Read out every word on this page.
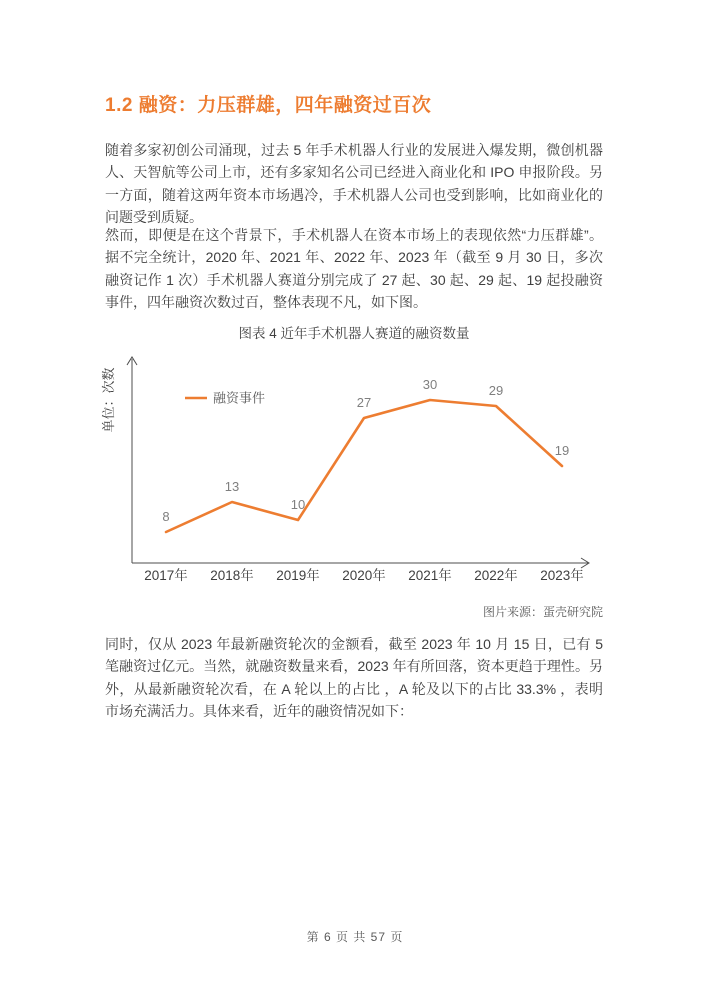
1.2 融资：力压群雄，四年融资过百次

随着多家初创公司涌现，过去 5 年手术机器人行业的发展进入爆发期，微创机器人、天智航等公司上市，还有多家知名公司已经进入商业化和 IPO 申报阶段。另一方面，随着这两年资本市场遇冷，手术机器人公司也受到影响，比如商业化的问题受到质疑。

然而，即便是在这个背景下，手术机器人在资本市场上的表现依然“力压群雄”。据不完全统计，2020 年、2021 年、2022 年、2023 年（截至 9 月 30 日，多次融资记作 1 次）手术机器人赛道分别完成了 27 起、30 起、29 起、19 起投融资事件，四年融资次数过百，整体表现不凡，如下图。

图表 4 近年手术机器人赛道的融资数量
单位：次数	融资事件
8
2017年
13
2018年
10
2019年
27
2020年
30
2021年
29
2022年
19
2023年
图片来源：蛋壳研究院

同时，仅从 2023 年最新融资轮次的金额看，截至 2023 年 10 月 15 日，已有 5 笔融资过亿元。当然，就融资数量来看，2023 年有所回落，资本更趋于理性。另外，从最新融资轮次看，在 A 轮以上的占比 ，A 轮及以下的占比 33.3% ，表明市场充满活力。具体来看，近年的融资情况如下：

第 6 页 共 57 页
